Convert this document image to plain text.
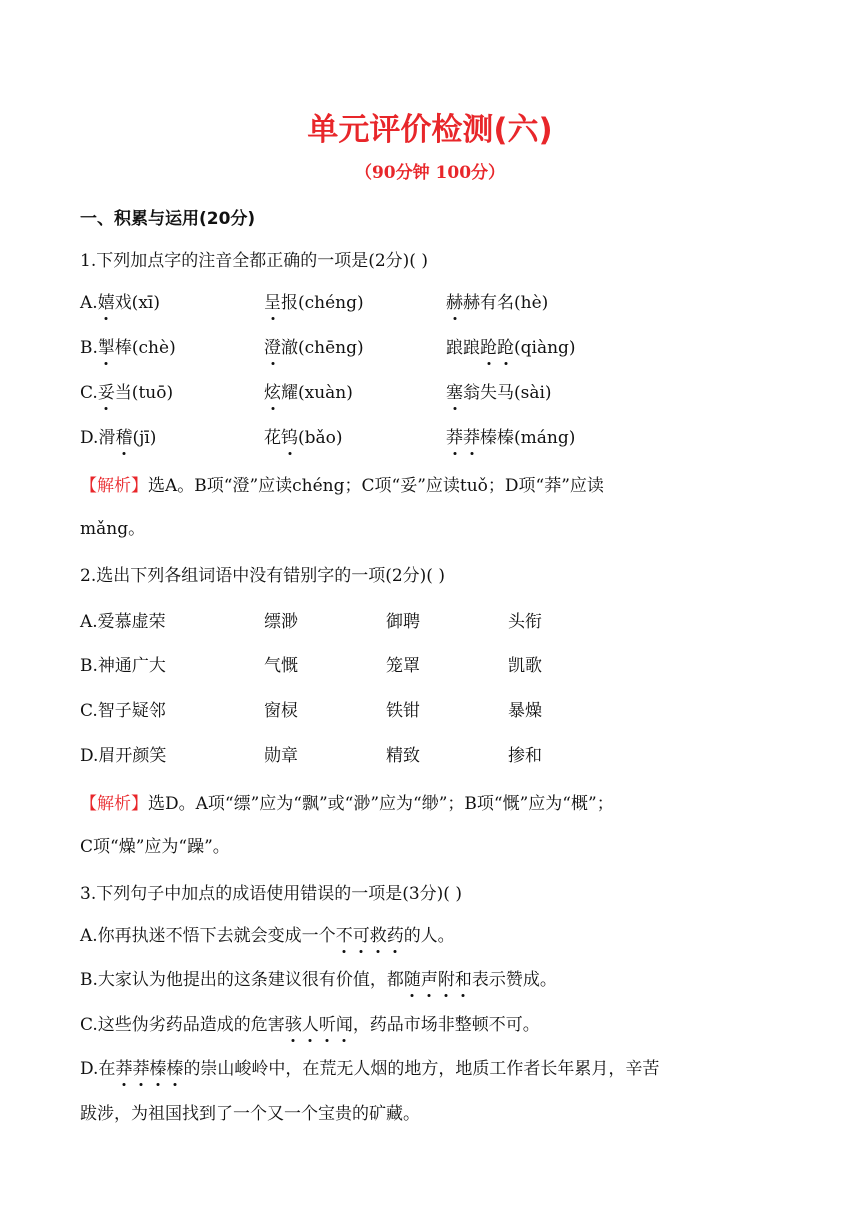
单元评价检测(六)
（90分钟 100分）
一、积累与运用(20分)
1.下列加点字的注音全都正确的一项是(2分)( )
A.嬉戏(xī)	呈报(chéng)	赫赫有名(hè)
B.掣棒(chè)	澄澈(chēng)	踉踉跄跄(qiàng)
C.妥当(tuō)	炫耀(xuàn)	塞翁失马(sài)
D.滑稽(jī)	花钨(bǎo)	莽莽榛榛(máng)
【解析】选A。B项“澄”应读chéng；C项“妥”应读tuǒ；D项“莽”应读
mǎng。
2.选出下列各组词语中没有错别字的一项(2分)( )
A.爱慕虚荣	缥渺	御聘	头衔
B.神通广大	气慨	笼罩	凯歌
C.智子疑邻	窗棂	铁钳	暴燥
D.眉开颜笑	勋章	精致	掺和
【解析】选D。A项“缥”应为“飘”或“渺”应为“缈”；B项“慨”应为“概”；
C项“燥”应为“躁”。
3.下列句子中加点的成语使用错误的一项是(3分)( )
A.你再执迷不悟下去就会变成一个不可救药的人。
B.大家认为他提出的这条建议很有价值，都随声附和表示赞成。
C.这些伪劣药品造成的危害骇人听闻，药品市场非整顿不可。
D.在莽莽榛榛的崇山峻岭中，在荒无人烟的地方，地质工作者长年累月，辛苦
跋涉，为祖国找到了一个又一个宝贵的矿藏。
